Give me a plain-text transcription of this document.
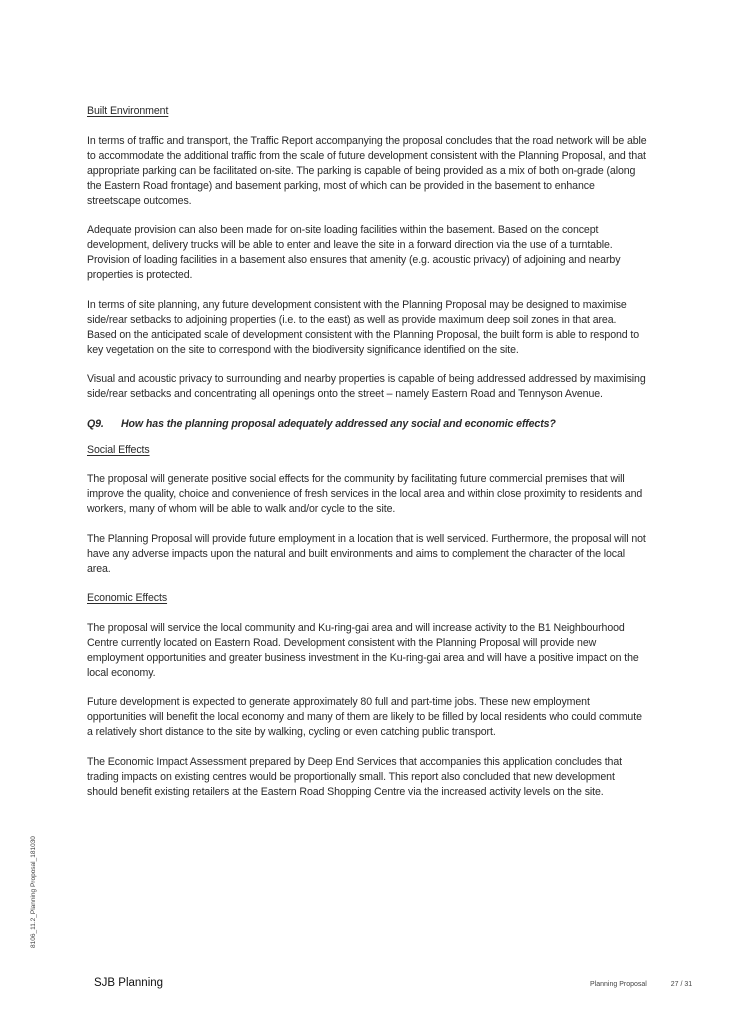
Built Environment

In terms of traffic and transport, the Traffic Report accompanying the proposal concludes that the road network will be able to accommodate the additional traffic from the scale of future development consistent with the Planning Proposal, and that appropriate parking can be facilitated on-site. The parking is capable of being provided as a mix of both on-grade (along the Eastern Road frontage) and basement parking, most of which can be provided in the basement to enhance streetscape outcomes.

Adequate provision can also been made for on-site loading facilities within the basement. Based on the concept development, delivery trucks will be able to enter and leave the site in a forward direction via the use of a turntable. Provision of loading facilities in a basement also ensures that amenity (e.g. acoustic privacy) of adjoining and nearby properties is protected.

In terms of site planning, any future development consistent with the Planning Proposal may be designed to maximise side/rear setbacks to adjoining properties (i.e. to the east) as well as provide maximum deep soil zones in that area. Based on the anticipated scale of development consistent with the Planning Proposal, the built form is able to respond to key vegetation on the site to correspond with the biodiversity significance identified on the site.

Visual and acoustic privacy to surrounding and nearby properties is capable of being addressed addressed by maximising side/rear setbacks and concentrating all openings onto the street – namely Eastern Road and Tennyson Avenue.

Q9.	How has the planning proposal adequately addressed any social and economic effects?

Social Effects

The proposal will generate positive social effects for the community by facilitating future commercial premises that will improve the quality, choice and convenience of fresh services in the local area and within close proximity to residents and workers, many of whom will be able to walk and/or cycle to the site.

The Planning Proposal will provide future employment in a location that is well serviced. Furthermore, the proposal will not have any adverse impacts upon the natural and built environments and aims to complement the character of the local area.

Economic Effects

The proposal will service the local community and Ku-ring-gai area and will increase activity to the B1 Neighbourhood Centre currently located on Eastern Road. Development consistent with the Planning Proposal will provide new employment opportunities and greater business investment in the Ku-ring-gai area and will have a positive impact on the local economy.

Future development is expected to generate approximately 80 full and part-time jobs. These new employment opportunities will benefit the local economy and many of them are likely to be filled by local residents who could commute a relatively short distance to the site by walking, cycling or even catching public transport.

The Economic Impact Assessment prepared by Deep End Services that accompanies this application concludes that trading impacts on existing centres would be proportionally small. This report also concluded that new development should benefit existing retailers at the Eastern Road Shopping Centre via the increased activity levels on the site.

8106_11.2_Planning Proposal_181030
SJB Planning	Planning Proposal	27 / 31
